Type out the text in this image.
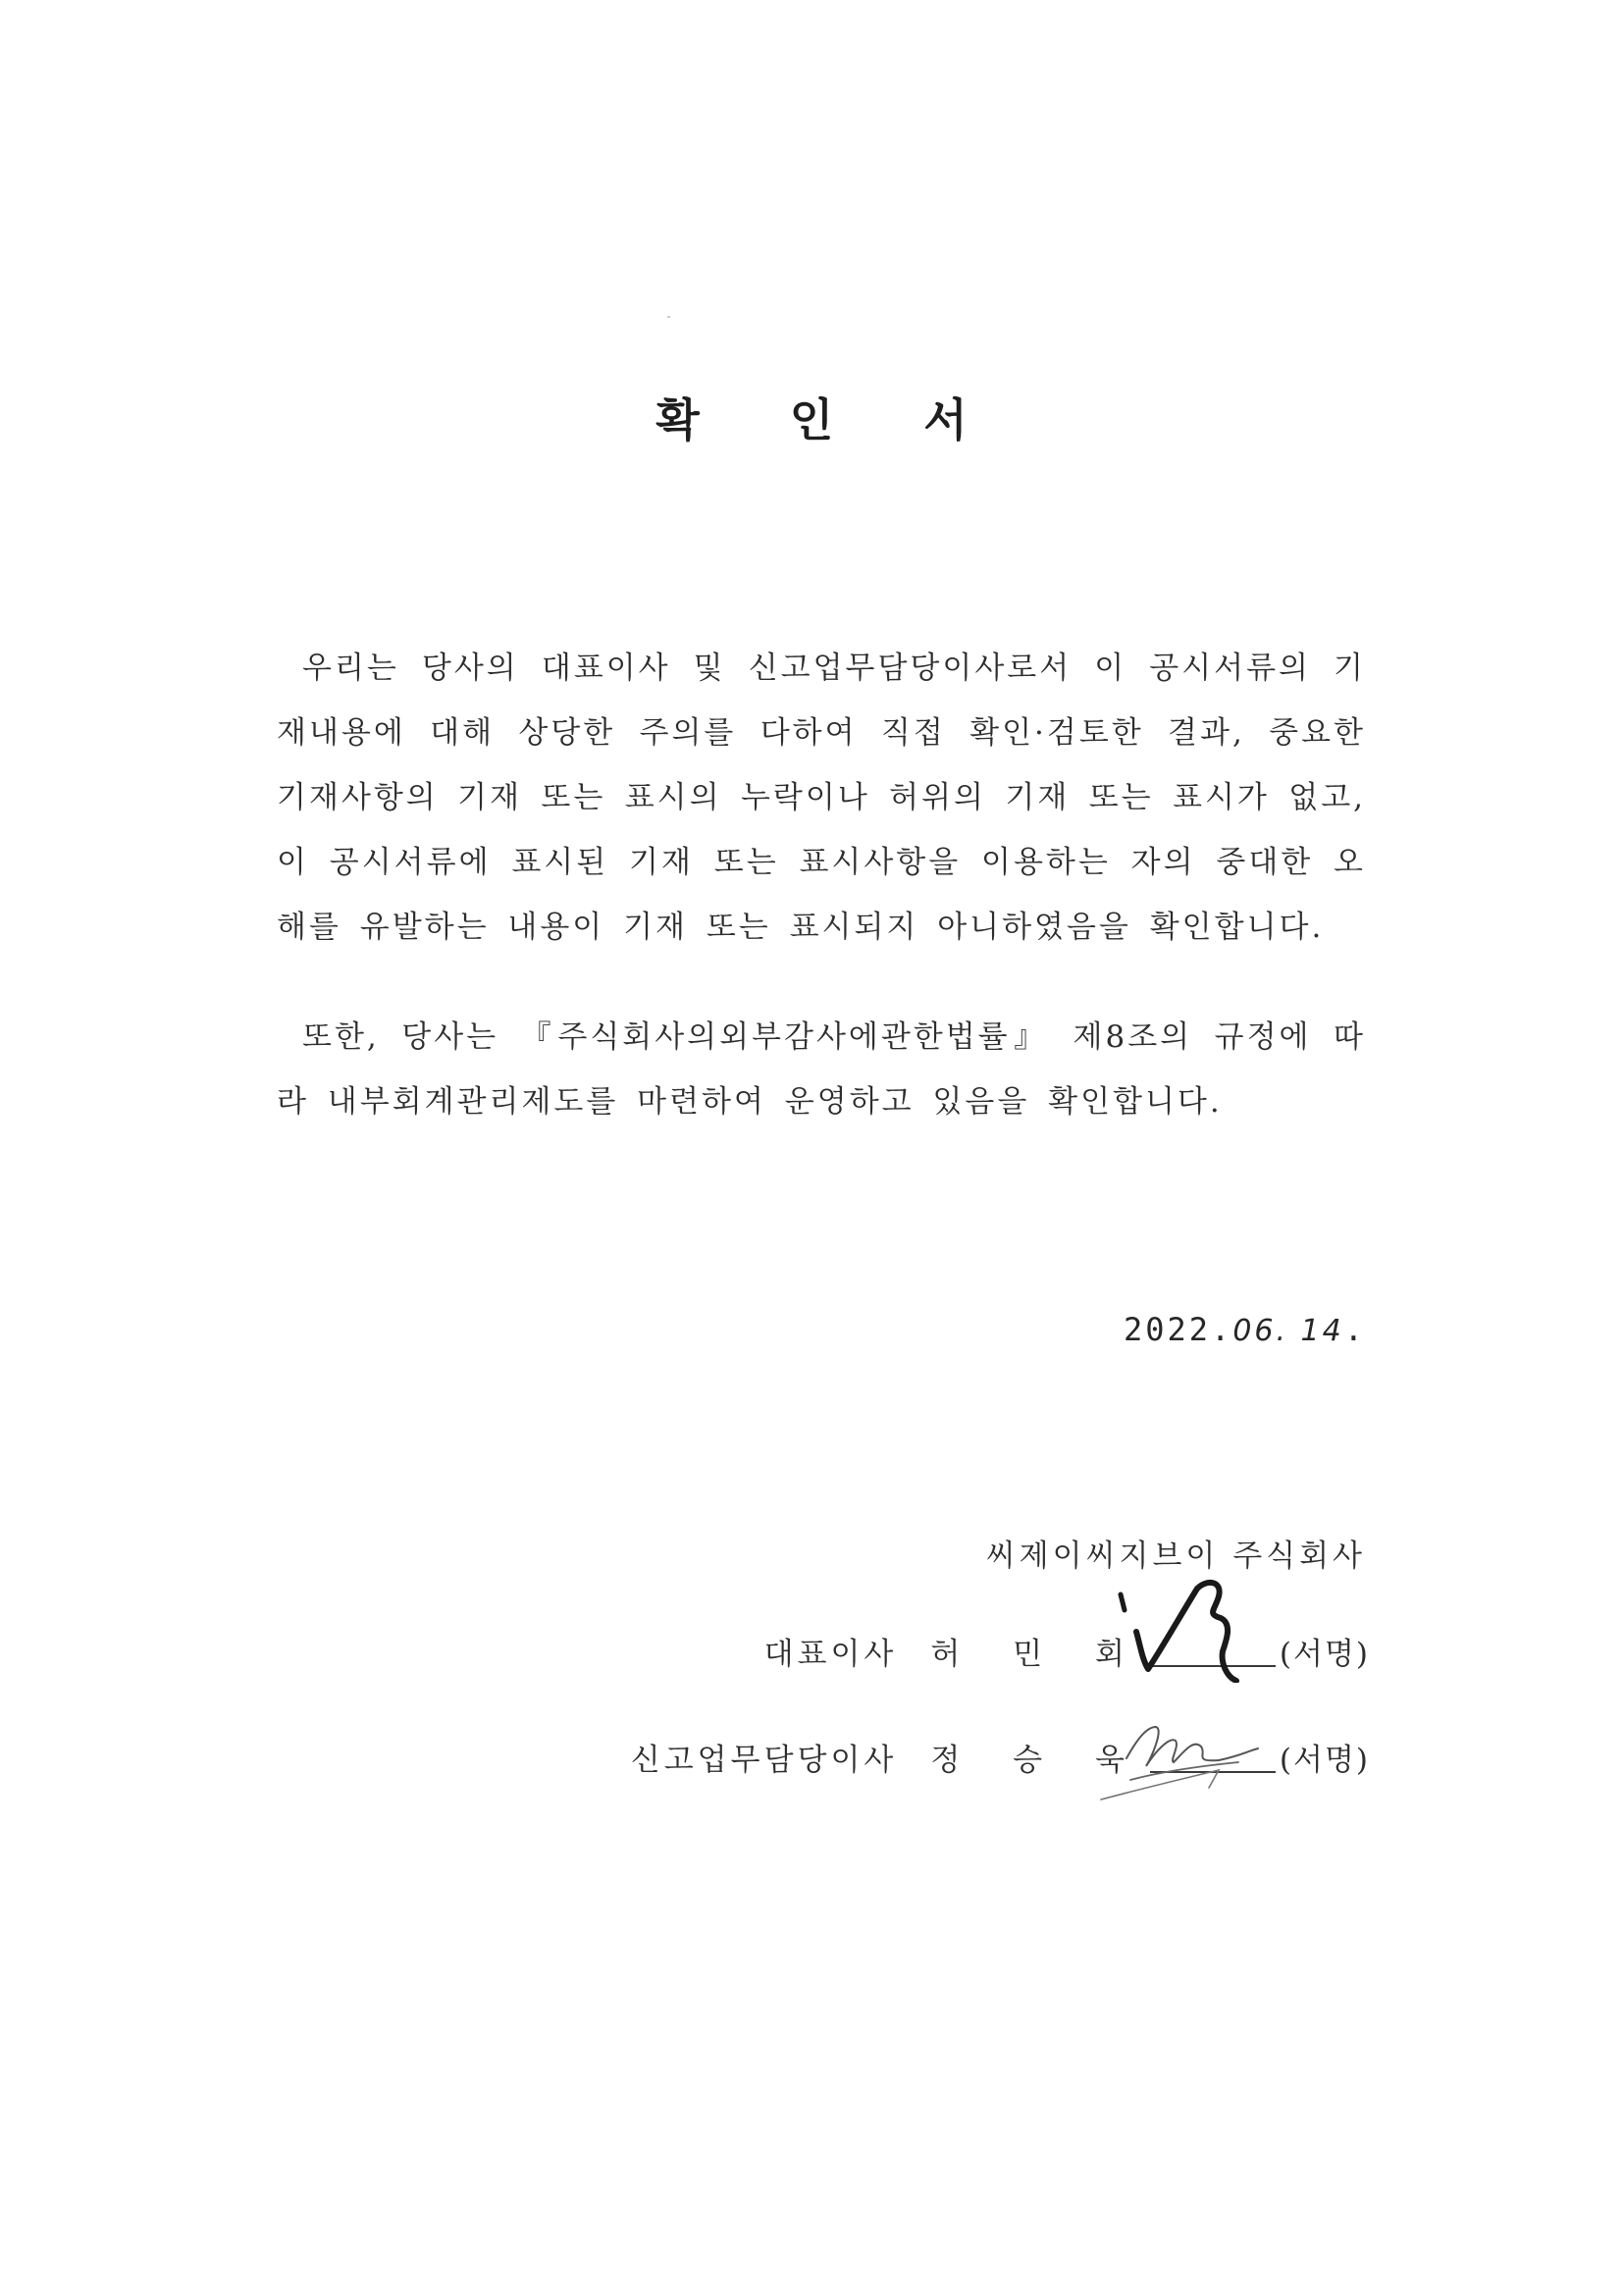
확 인 서
우리는 당사의 대표이사 및 신고업무담당이사로서 이 공시서류의 기재내용에 대해 상당한 주의를 다하여 직접 확인·검토한 결과, 중요한 기재사항의 기재 또는 표시의 누락이나 허위의 기재 또는 표시가 없고, 이 공시서류에 표시된 기재 또는 표시사항을 이용하는 자의 중대한 오해를 유발하는 내용이 기재 또는 표시되지 아니하였음을 확인합니다.
또한, 당사는 『주식회사의외부감사에관한법률』 제8조의 규정에 따라 내부회계관리제도를 마련하여 운영하고 있음을 확인합니다.
2022.06. 14.
씨제이씨지브이 주식회사
대표이사 허 민 회	(서명)
신고업무담당이사 정 승 욱	(서명)
